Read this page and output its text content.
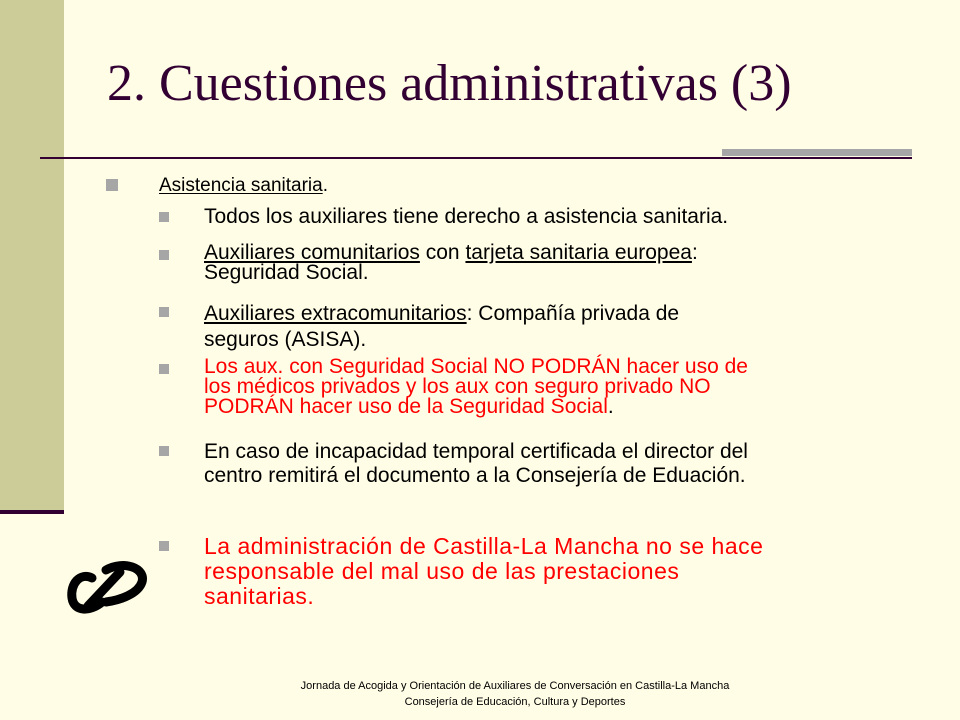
2. Cuestiones administrativas (3)
Asistencia sanitaria.
Todos los auxiliares tiene derecho a asistencia sanitaria.
Auxiliares comunitarios con tarjeta sanitaria europea:
Seguridad Social.
Auxiliares extracomunitarios: Compañía privada de
seguros (ASISA).
Los aux. con Seguridad Social NO PODRÁN hacer uso de
los médicos privados y los aux con seguro privado NO
PODRÁN hacer uso de la Seguridad Social.
En caso de incapacidad temporal certificada el director del
centro remitirá el documento a la Consejería de Eduación.
La administración de Castilla-La Mancha no se hace
responsable del mal uso de las prestaciones
sanitarias.
Jornada de Acogida y Orientación de Auxiliares de Conversación en Castilla-La Mancha
Consejería de Educación, Cultura y Deportes
